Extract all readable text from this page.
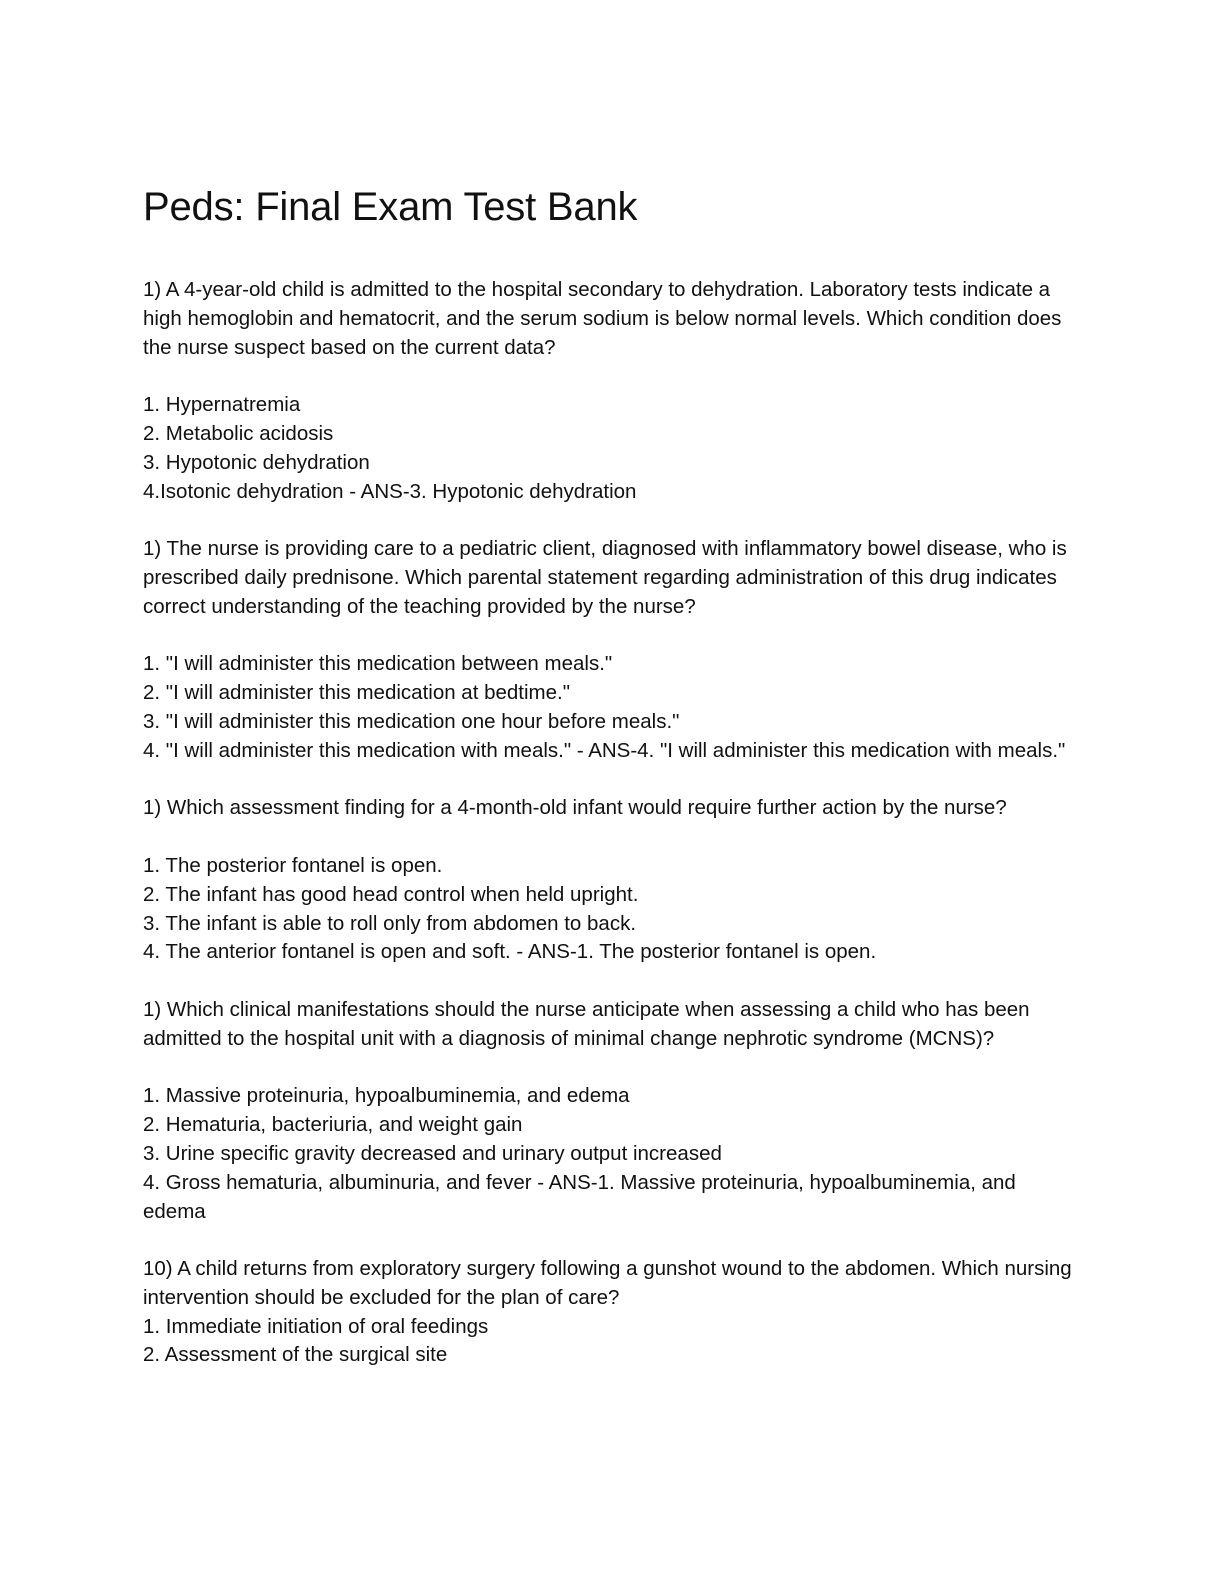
Peds: Final Exam Test Bank

1) A 4-year-old child is admitted to the hospital secondary to dehydration. Laboratory tests indicate a high hemoglobin and hematocrit, and the serum sodium is below normal levels. Which condition does the nurse suspect based on the current data?

1. Hypernatremia

2. Metabolic acidosis

3. Hypotonic dehydration

4.Isotonic dehydration - ANS-3. Hypotonic dehydration

1) The nurse is providing care to a pediatric client, diagnosed with inflammatory bowel disease, who is prescribed daily prednisone. Which parental statement regarding administration of this drug indicates correct understanding of the teaching provided by the nurse?

1. "I will administer this medication between meals."

2. "I will administer this medication at bedtime."

3. "I will administer this medication one hour before meals."

4. "I will administer this medication with meals." - ANS-4. "I will administer this medication with meals."

1) Which assessment finding for a 4-month-old infant would require further action by the nurse?

1. The posterior fontanel is open.

2. The infant has good head control when held upright.

3. The infant is able to roll only from abdomen to back.

4. The anterior fontanel is open and soft. - ANS-1. The posterior fontanel is open.

1) Which clinical manifestations should the nurse anticipate when assessing a child who has been admitted to the hospital unit with a diagnosis of minimal change nephrotic syndrome (MCNS)?

1. Massive proteinuria, hypoalbuminemia, and edema

2. Hematuria, bacteriuria, and weight gain

3. Urine specific gravity decreased and urinary output increased

4. Gross hematuria, albuminuria, and fever - ANS-1. Massive proteinuria, hypoalbuminemia, and edema

10) A child returns from exploratory surgery following a gunshot wound to the abdomen. Which nursing intervention should be excluded for the plan of care?

1. Immediate initiation of oral feedings

2. Assessment of the surgical site
